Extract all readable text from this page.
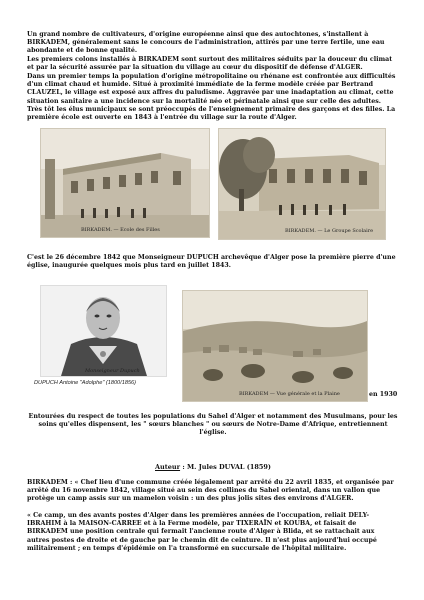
Un grand nombre de cultivateurs, d'origine européenne ainsi que des autochtones, s'installent à BIRKADEM, généralement sans le concours de l'administration, attirés par une terre fertile, une eau abondante et de bonne qualité.

Les premiers colons installés à BIRKADEM sont surtout des militaires séduits par la douceur du climat et par la sécurité assurée par la situation du village au cœur du dispositif de défense d'ALGER.

Dans un premier temps la population d'origine métropolitaine ou rhénane est confrontée aux difficultés d'un climat chaud et humide. Situé à proximité immédiate de la ferme modèle créée par Bertrand CLAUZEL, le village est exposé aux affres du paludisme. Aggravée par une inadaptation au climat, cette situation sanitaire a une incidence sur la mortalité néo et périnatale ainsi que sur celle des adultes.

Très tôt les élus municipaux se sont préoccupés de l'enseignement primaire des garçons et des filles. La première école est ouverte en 1843 à l'entrée du village sur la route d'Alger.

BIRKADEM. — Ecole des Filles	BIRKADEM. — Le Groupe Scolaire

C'est le 26 décembre 1842 que Monseigneur DUPUCH archevêque d'Alger pose la première pierre d'une église, inaugurée quelques mois plus tard en juillet 1843.

Monseigneur Dupuch
DUPUCH Antoine "Adolphe" (1800/1856)
BIRKADEM — Vue générale et la Plaine	en 1930

Entourées du respect de toutes les populations du Sahel d'Alger et notamment des Musulmans, pour les soins qu'elles dispensent, les " sœurs blanches " ou sœurs de Notre-Dame d'Afrique, entretiennent l'église.

Auteur : M. Jules DUVAL (1859)

BIRKADEM : « Chef lieu d'une commune créée légalement par arrêté du 22 avril 1835, et organisée par arrêté du 16 novembre 1842, village situé au sein des collines du Sahel oriental, dans un vallon que protège un camp assis sur un mamelon voisin : un des plus jolis sites des environs d'ALGER.

« Ce camp, un des avants postes d'Alger dans les premières années de l'occupation, reliait DELY-IBRAHIM à la MAISON-CARREE et à la Ferme modèle, par TIXERAÏN et KOUBA, et faisait de BIRKADEM une position centrale qui fermait l'ancienne route d'Alger à Blida, et se rattachait aux autres postes de droite et de gauche par le chemin dit de ceinture. Il n'est plus aujourd'hui occupé militairement ; en temps d'épidémie on l'a transformé en succursale de l'hôpital militaire.
